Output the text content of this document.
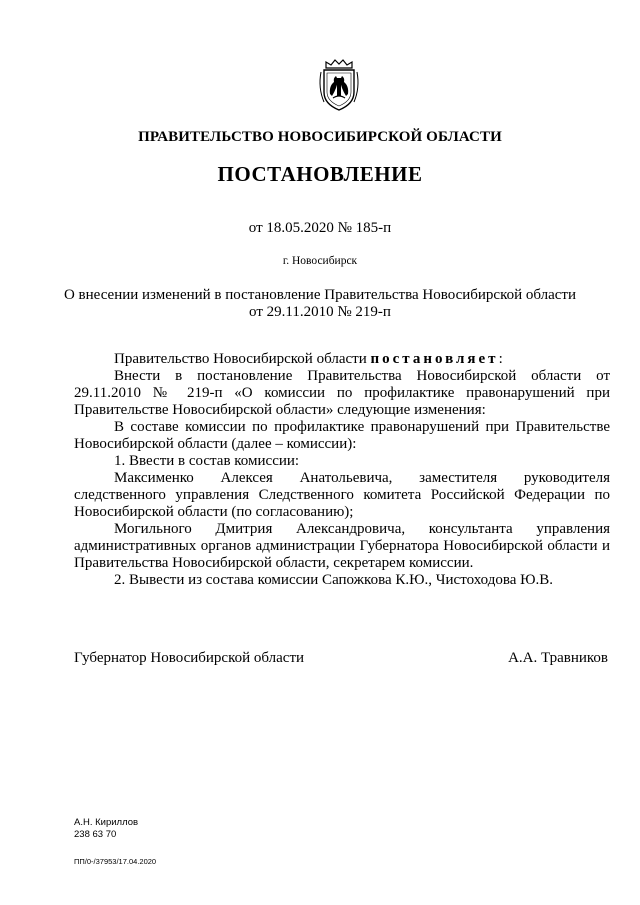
ПРАВИТЕЛЬСТВО НОВОСИБИРСКОЙ ОБЛАСТИ
ПОСТАНОВЛЕНИЕ
от 18.05.2020 № 185-п
г. Новосибирск
О внесении изменений в постановление Правительства Новосибирской области
от 29.11.2010 № 219-п

Правительство Новосибирской области постановляет:

Внести в постановление Правительства Новосибирской области от 29.11.2010 № 219-п «О комиссии по профилактике правонарушений при Правительстве Новосибирской области» следующие изменения:

В составе комиссии по профилактике правонарушений при Правительстве Новосибирской области (далее – комиссии):

1. Ввести в состав комиссии:

Максименко Алексея Анатольевича, заместителя руководителя следственного управления Следственного комитета Российской Федерации по Новосибирской области (по согласованию);

Могильного Дмитрия Александровича, консультанта управления административных органов администрации Губернатора Новосибирской области и Правительства Новосибирской области, секретарем комиссии.

2. Вывести из состава комиссии Сапожкова К.Ю., Чистоходова Ю.В.

Губернатор Новосибирской области	А.А. Травников
А.Н. Кириллов
238 63 70
ПП/0-/37953/17.04.2020
